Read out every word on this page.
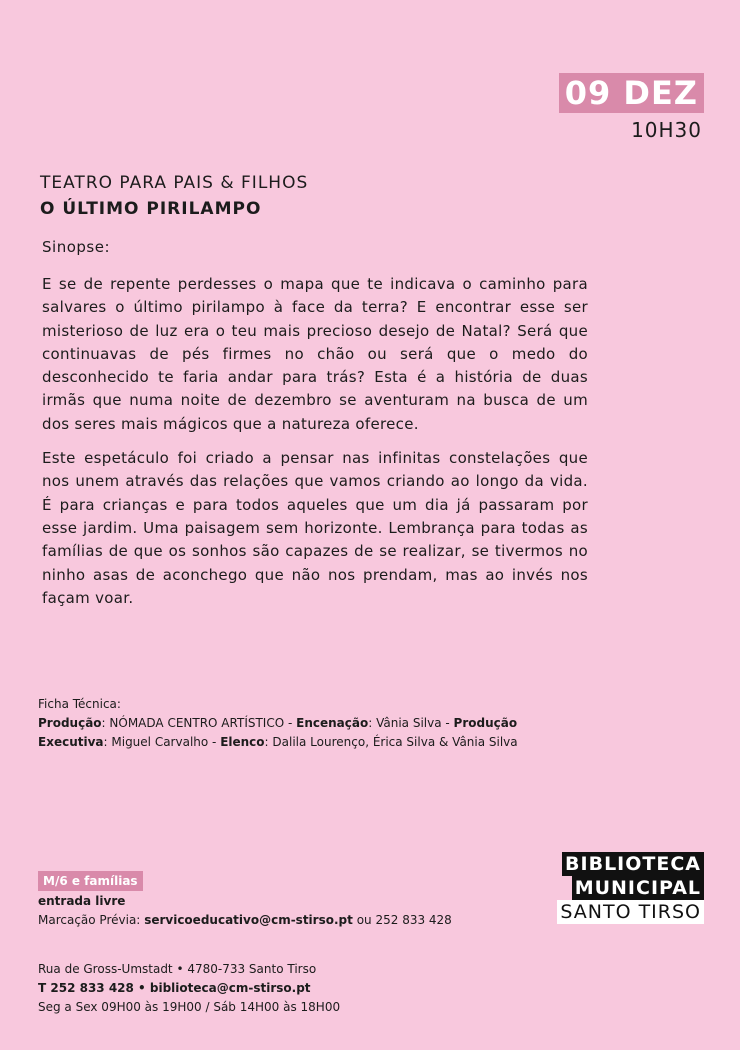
09 DEZ
10H30
TEATRO PARA PAIS & FILHOS
O ÚLTIMO PIRILAMPO
Sinopse:

E se de repente perdesses o mapa que te indicava o caminho para salvares o último pirilampo à face da terra? E encontrar esse ser misterioso de luz era o teu mais precioso desejo de Natal? Será que continuavas de pés firmes no chão ou será que o medo do desconhecido te faria andar para trás? Esta é a história de duas irmãs que numa noite de dezembro se aventuram na busca de um dos seres mais mágicos que a natureza oferece.

Este espetáculo foi criado a pensar nas infinitas constelações que nos unem através das relações que vamos criando ao longo da vida. É para crianças e para todos aqueles que um dia já passaram por esse jardim. Uma paisagem sem horizonte. Lembrança para todas as famílias de que os sonhos são capazes de se realizar, se tivermos no ninho asas de aconchego que não nos prendam, mas ao invés nos façam voar.

Ficha Técnica:
Produção: NÓMADA CENTRO ARTÍSTICO - Encenação: Vânia Silva - Produção
Executiva: Miguel Carvalho - Elenco: Dalila Lourenço, Érica Silva & Vânia Silva
M/6 e famílias
entrada livre
Marcação Prévia: servicoeducativo@cm-stirso.pt ou 252 833 428
Rua de Gross-Umstadt • 4780-733 Santo Tirso
T 252 833 428 • biblioteca@cm-stirso.pt
Seg a Sex 09H00 às 19H00 / Sáb 14H00 às 18H00
BIBLIOTECA
MUNICIPAL
SANTO TIRSO
